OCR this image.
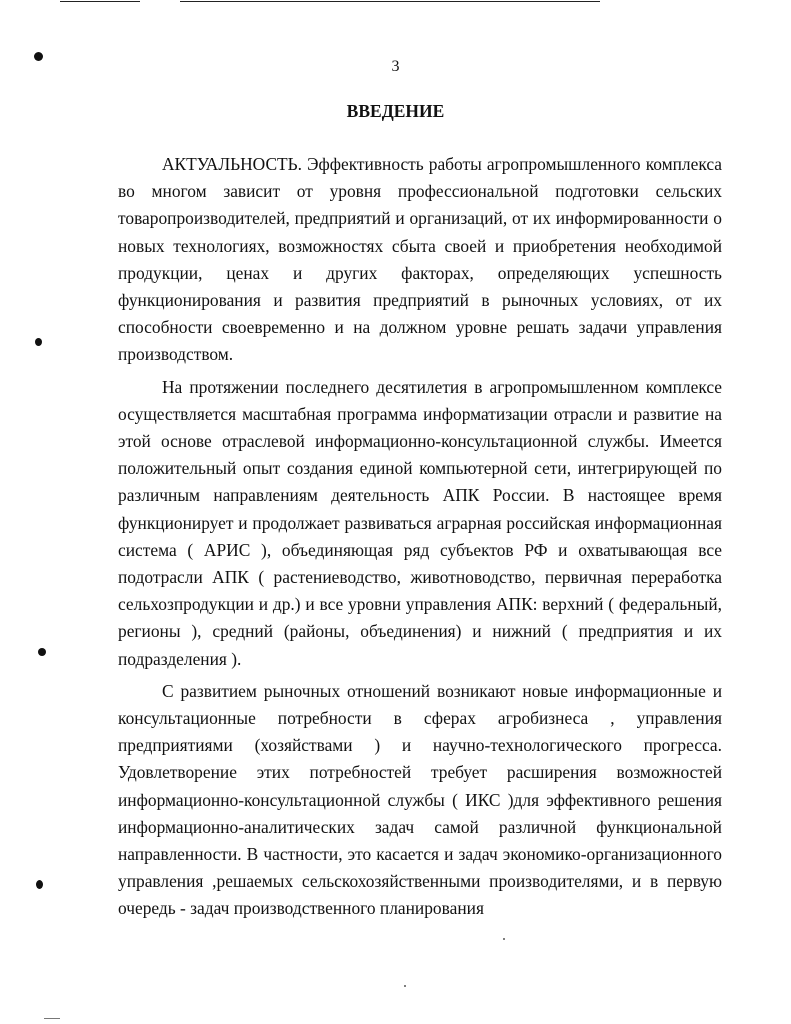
3
ВВЕДЕНИЕ

АКТУАЛЬНОСТЬ. Эффективность работы агропромышленного комплекса во многом зависит от уровня профессиональной подготовки сельских товаропроизводителей, предприятий и организаций, от их информированности о новых технологиях, возможностях сбыта своей и приобретения необходимой продукции, ценах и других факторах, определяющих успешность функционирования и развития предприятий в рыночных условиях, от их способности своевременно и на должном уровне решать задачи управления производством.

На протяжении последнего десятилетия в агропромышленном комплексе осуществляется масштабная программа информатизации отрасли и развитие на этой основе отраслевой информационно-консультационной службы. Имеется положительный опыт создания единой компьютерной сети, интегрирующей по различным направлениям деятельность АПК России. В настоящее время функционирует и продолжает развиваться аграрная российская информационная система ( АРИС ), объединяющая ряд субъектов РФ и охватывающая все подотрасли АПК ( растениеводство, животноводство, первичная переработка сельхозпродукции и др.) и все уровни управления АПК: верхний ( федеральный, регионы ), средний (районы, объединения) и нижний ( предприятия и их подразделения ).

С развитием рыночных отношений возникают новые информационные и консультационные потребности в сферах агробизнеса , управления предприятиями (хозяйствами ) и научно-технологического прогресса. Удовлетворение этих потребностей требует расширения возможностей информационно-консультационной службы ( ИКС )для эффективного решения информационно-аналитических задач самой различной функциональной направленности. В частности, это касается и задач экономико-организационного управления ,решаемых сельскохозяйственными производителями, и в первую очередь - задач производственного планирования
